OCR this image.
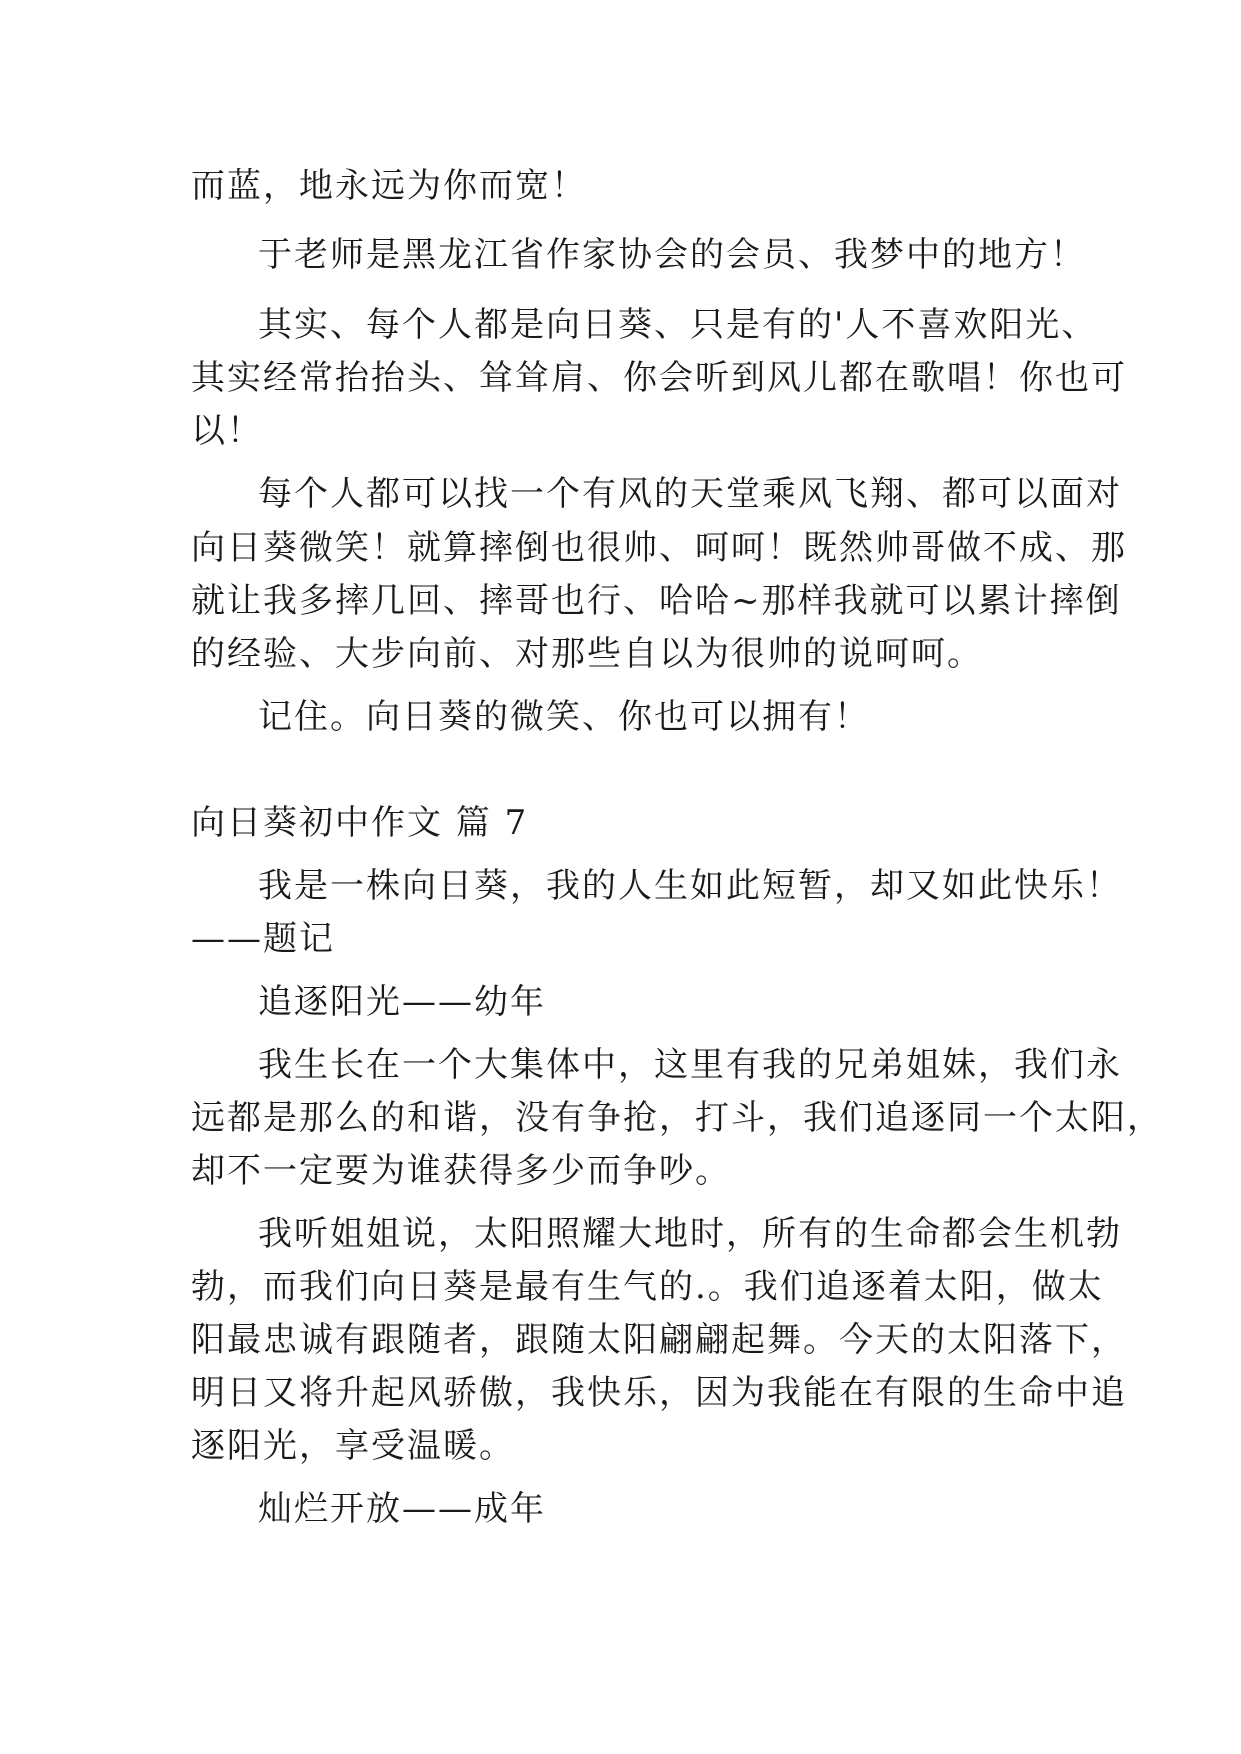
而蓝，地永远为你而宽！
于老师是黑龙江省作家协会的会员、我梦中的地方！
其实、每个人都是向日葵、只是有的'人不喜欢阳光、
其实经常抬抬头、耸耸肩、你会听到风儿都在歌唱！你也可
以！
每个人都可以找一个有风的天堂乘风飞翔、都可以面对
向日葵微笑！就算摔倒也很帅、呵呵！既然帅哥做不成、那
就让我多摔几回、摔哥也行、哈哈~那样我就可以累计摔倒
的经验、大步向前、对那些自以为很帅的说呵呵。
记住。向日葵的微笑、你也可以拥有！
向日葵初中作文 篇 7
我是一株向日葵，我的人生如此短暂，却又如此快乐！
——题记
追逐阳光——幼年
我生长在一个大集体中，这里有我的兄弟姐妹，我们永
远都是那么的和谐，没有争抢，打斗，我们追逐同一个太阳，
却不一定要为谁获得多少而争吵。
我听姐姐说，太阳照耀大地时，所有的生命都会生机勃
勃，而我们向日葵是最有生气的.。我们追逐着太阳，做太
阳最忠诚有跟随者，跟随太阳翩翩起舞。今天的太阳落下，
明日又将升起风骄傲，我快乐，因为我能在有限的生命中追
逐阳光，享受温暖。
灿烂开放——成年
